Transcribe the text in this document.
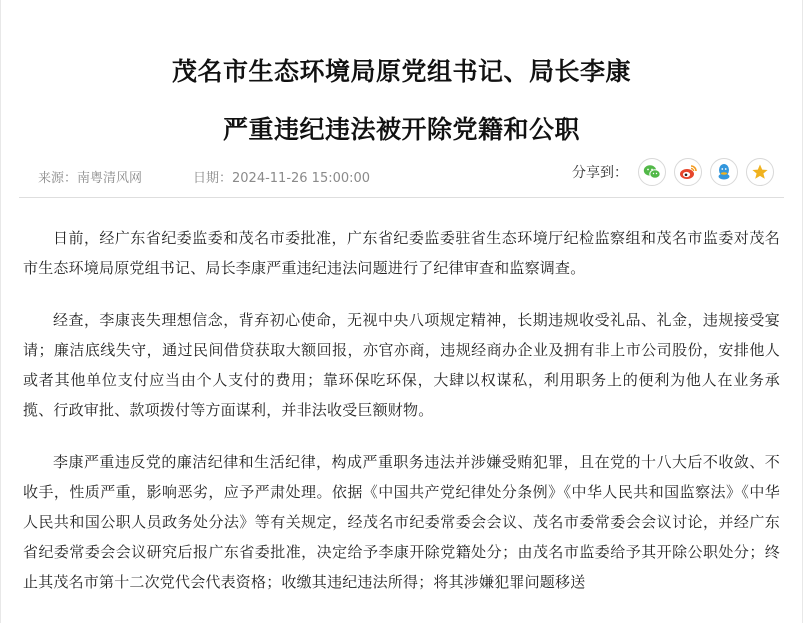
茂名市生态环境局原党组书记、局长李康
严重违纪违法被开除党籍和公职
来源：南粤清风网	日期：2024-11-26 15:00:00	分享到：

日前，经广东省纪委监委和茂名市委批准，广东省纪委监委驻省生态环境厅纪检监察组和茂名市监委对茂名市生态环境局原党组书记、局长李康严重违纪违法问题进行了纪律审查和监察调查。

经查，李康丧失理想信念，背弃初心使命，无视中央八项规定精神，长期违规收受礼品、礼金，违规接受宴请；廉洁底线失守，通过民间借贷获取大额回报，亦官亦商，违规经商办企业及拥有非上市公司股份，安排他人或者其他单位支付应当由个人支付的费用；靠环保吃环保，大肆以权谋私，利用职务上的便利为他人在业务承揽、行政审批、款项拨付等方面谋利，并非法收受巨额财物。

李康严重违反党的廉洁纪律和生活纪律，构成严重职务违法并涉嫌受贿犯罪，且在党的十八大后不收敛、不收手，性质严重，影响恶劣，应予严肃处理。依据《中国共产党纪律处分条例》《中华人民共和国监察法》《中华人民共和国公职人员政务处分法》等有关规定，经茂名市纪委常委会会议、茂名市委常委会会议讨论，并经广东省纪委常委会会议研究后报广东省委批准，决定给予李康开除党籍处分；由茂名市监委给予其开除公职处分；终止其茂名市第十二次党代会代表资格；收缴其违纪违法所得；将其涉嫌犯罪问题移送
